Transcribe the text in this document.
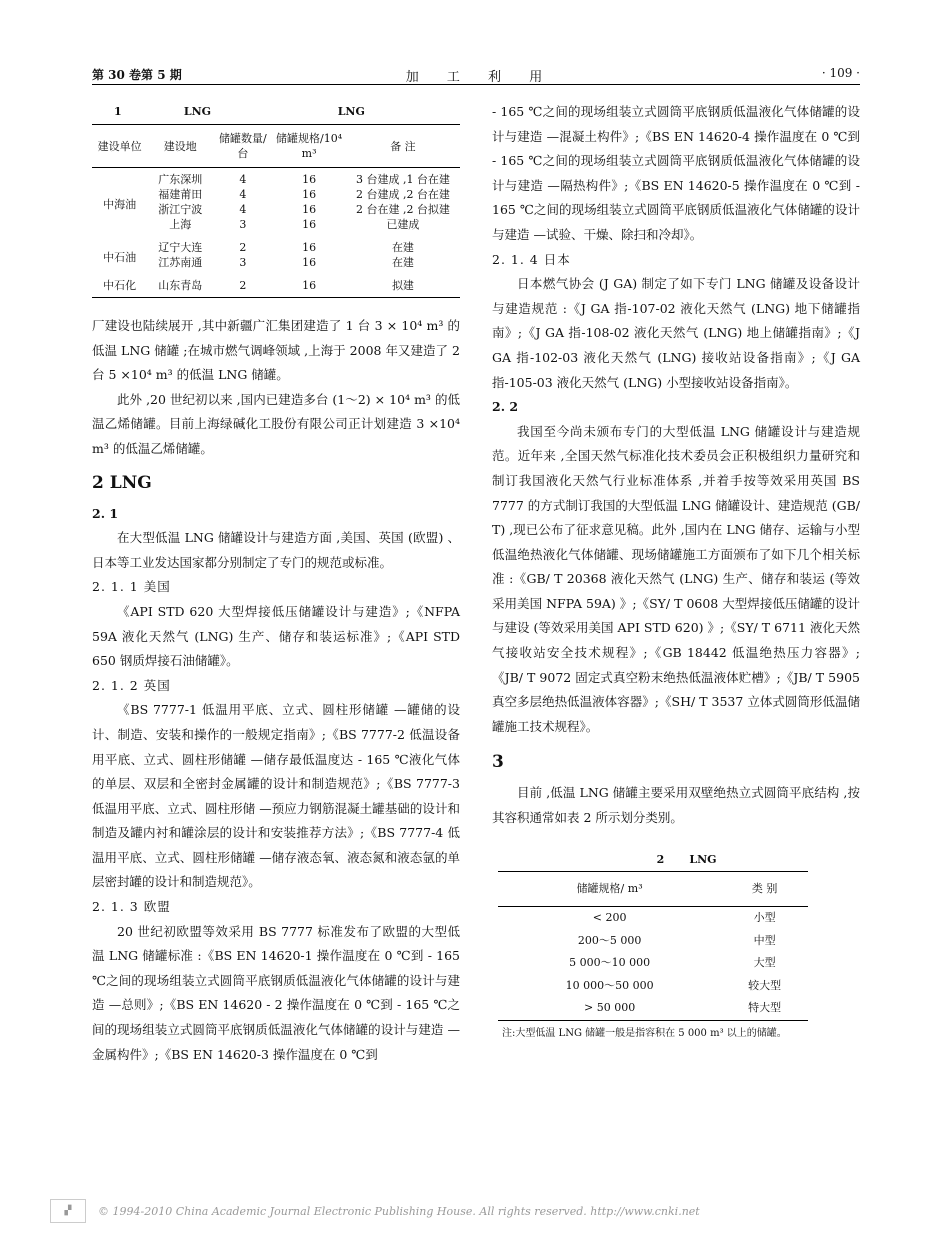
第 30 卷第 5 期	加 工 利 用	· 109 ·
1	LNG	LNG
建设单位	建设地	储罐数量/台	储罐规格/10⁴ m³	备 注
中海油	广东深圳	4	16	3 台建成 ,1 台在建
	福建莆田	4	16	2 台建成 ,2 台在建
	浙江宁波	4	16	2 台在建 ,2 台拟建
	上海	3	16	已建成
中石油	辽宁大连	2	16	在建
	江苏南通	3	16	在建
中石化	山东青岛	2	16	拟建

厂建设也陆续展开 ,其中新疆广汇集团建造了 1 台 3 × 10⁴ m³ 的低温 LNG 储罐 ;在城市燃气调峰领域 ,上海于 2008 年又建造了 2 台 5 ×10⁴ m³ 的低温 LNG 储罐。

此外 ,20 世纪初以来 ,国内已建造多台 (1～2) × 10⁴ m³ 的低温乙烯储罐。目前上海绿碱化工股份有限公司正计划建造 3 ×10⁴ m³ 的低温乙烯储罐。

2 LNG

2. 1

在大型低温 LNG 储罐设计与建造方面 ,美国、英国 (欧盟) 、日本等工业发达国家都分别制定了专门的规范或标准。

2. 1. 1 美国

《API STD 620 大型焊接低压储罐设计与建造》;《NFPA 59A 液化天然气 (LNG) 生产、储存和装运标准》;《API STD 650 钢质焊接石油储罐》。

2. 1. 2 英国

《BS 7777-1 低温用平底、立式、圆柱形储罐 —罐储的设计、制造、安装和操作的一般规定指南》;《BS 7777-2 低温设备用平底、立式、圆柱形储罐 —储存最低温度达 - 165 ℃液化气体的单层、双层和全密封金属罐的设计和制造规范》;《BS 7777-3 低温用平底、立式、圆柱形储 —预应力钢筋混凝土罐基础的设计和制造及罐内衬和罐涂层的设计和安装推荐方法》;《BS 7777-4 低温用平底、立式、圆柱形储罐 —储存液态氧、液态氮和液态氩的单层密封罐的设计和制造规范》。

2. 1. 3 欧盟

20 世纪初欧盟等效采用 BS 7777 标准发布了欧盟的大型低温 LNG 储罐标准 :《BS EN 14620-1 操作温度在 0 ℃到 - 165 ℃之间的现场组装立式圆筒平底钢质低温液化气体储罐的设计与建造 —总则》;《BS EN 14620 - 2 操作温度在 0 ℃到 - 165 ℃之间的现场组装立式圆筒平底钢质低温液化气体储罐的设计与建造 —金属构件》;《BS EN 14620-3 操作温度在 0 ℃到

- 165 ℃之间的现场组装立式圆筒平底钢质低温液化气体储罐的设计与建造 —混凝土构件》;《BS EN 14620-4 操作温度在 0 ℃到 - 165 ℃之间的现场组装立式圆筒平底钢质低温液化气体储罐的设计与建造 —隔热构件》;《BS EN 14620-5 操作温度在 0 ℃到 - 165 ℃之间的现场组装立式圆筒平底钢质低温液化气体储罐的设计与建造 —试验、干燥、除扫和冷却》。

2. 1. 4 日本

日本燃气协会 (J GA) 制定了如下专门 LNG 储罐及设备设计与建造规范 :《J GA 指-107-02 液化天然气 (LNG) 地下储罐指南》;《J GA 指-108-02 液化天然气 (LNG) 地上储罐指南》;《J GA 指-102-03 液化天然气 (LNG) 接收站设备指南》;《J GA 指-105-03 液化天然气 (LNG) 小型接收站设备指南》。

2. 2

我国至今尚未颁布专门的大型低温 LNG 储罐设计与建造规范。近年来 ,全国天然气标准化技术委员会正积极组织力量研究和制订我国液化天然气行业标准体系 ,并着手按等效采用英国 BS 7777 的方式制订我国的大型低温 LNG 储罐设计、建造规范 (GB/ T) ,现已公布了征求意见稿。此外 ,国内在 LNG 储存、运输与小型低温绝热液化气体储罐、现场储罐施工方面颁布了如下几个相关标准 :《GB/ T 20368 液化天然气 (LNG) 生产、储存和装运 (等效采用美国 NFPA 59A) 》;《SY/ T 0608 大型焊接低压储罐的设计与建设 (等效采用美国 API STD 620) 》;《SY/ T 6711 液化天然气接收站安全技术规程》;《GB 18442 低温绝热压力容器》;《JB/ T 9072 固定式真空粉末绝热低温液体贮槽》;《JB/ T 5905 真空多层绝热低温液体容器》;《SH/ T 3537 立体式圆筒形低温储罐施工技术规程》。

3

目前 ,低温 LNG 储罐主要采用双壁绝热立式圆筒平底结构 ,按其容积通常如表 2 所示划分类别。

2 LNG
储罐规格/ m³	类 别
< 200	小型
200～5 000	中型
5 000～10 000	大型
10 000～50 000	较大型
> 50 000	特大型
注:大型低温 LNG 储罐一般是指容积在 5 000 m³ 以上的储罐。
▞	© 1994-2010 China Academic Journal Electronic Publishing House. All rights reserved. http://www.cnki.net
